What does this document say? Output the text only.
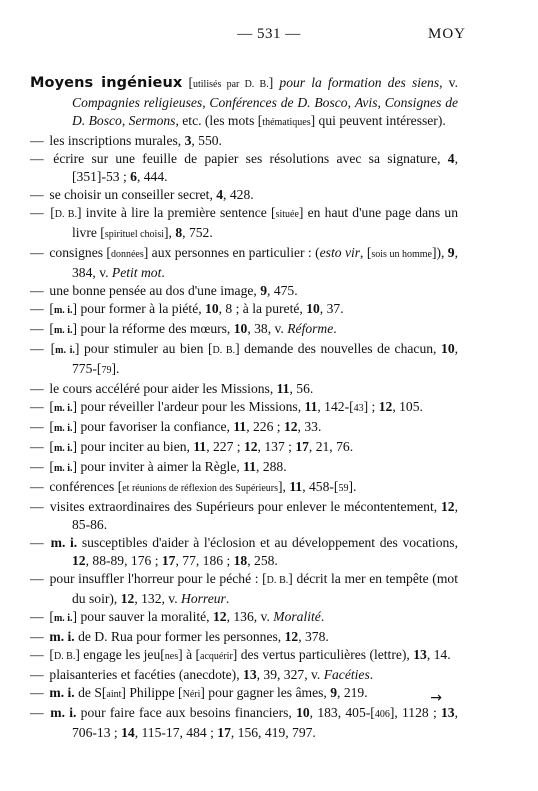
— 531 —	MOY

Moyens ingénieux [utilisés par D. B.] pour la formation des siens, v. Compagnies religieuses, Conférences de D. Bosco, Avis, Consignes de D. Bosco, Sermons, etc. (les mots [thématiques] qui peuvent intéresser).

— les inscriptions murales, 3, 550.

— écrire sur une feuille de papier ses résolutions avec sa signature, 4, [351]-53 ; 6, 444.

— se choisir un conseiller secret, 4, 428.

— [D. B.] invite à lire la première sentence [située] en haut d'une page dans un livre [spirituel choisi], 8, 752.

— consignes [données] aux personnes en particulier : (esto vir, [sois un homme]), 9, 384, v. Petit mot.

— une bonne pensée au dos d'une image, 9, 475.

— [m. i.] pour former à la piété, 10, 8 ; à la pureté, 10, 37.

— [m. i.] pour la réforme des mœurs, 10, 38, v. Réforme.

— [m. i.] pour stimuler au bien [D. B.] demande des nouvelles de chacun, 10, 775-[79].

— le cours accéléré pour aider les Missions, 11, 56.

— [m. i.] pour réveiller l'ardeur pour les Missions, 11, 142-[43] ; 12, 105.

— [m. i.] pour favoriser la confiance, 11, 226 ; 12, 33.

— [m. i.] pour inciter au bien, 11, 227 ; 12, 137 ; 17, 21, 76.

— [m. i.] pour inviter à aimer la Règle, 11, 288.

— conférences [et réunions de réflexion des Supérieurs], 11, 458-[59].

— visites extraordinaires des Supérieurs pour enlever le mécontentement, 12, 85-86.

— m. i. susceptibles d'aider à l'éclosion et au développement des vocations, 12, 88-89, 176 ; 17, 77, 186 ; 18, 258.

— pour insuffler l'horreur pour le péché : [D. B.] décrit la mer en tempête (mot du soir), 12, 132, v. Horreur.

— [m. i.] pour sauver la moralité, 12, 136, v. Moralité.

— m. i. de D. Rua pour former les personnes, 12, 378.

— [D. B.] engage les jeu[nes] à [acquérir] des vertus particulières (lettre), 13, 14.

— plaisanteries et facéties (anecdote), 13, 39, 327, v. Facéties.

— m. i. de S[aint] Philippe [Néri] pour gagner les âmes, 9, 219.

— m. i. pour faire face aux besoins financiers, 10, 183, 405-[406], 1128 ; 13, 706-13 ; 14, 115-17, 484 ; 17, 156, 419, 797.

→
